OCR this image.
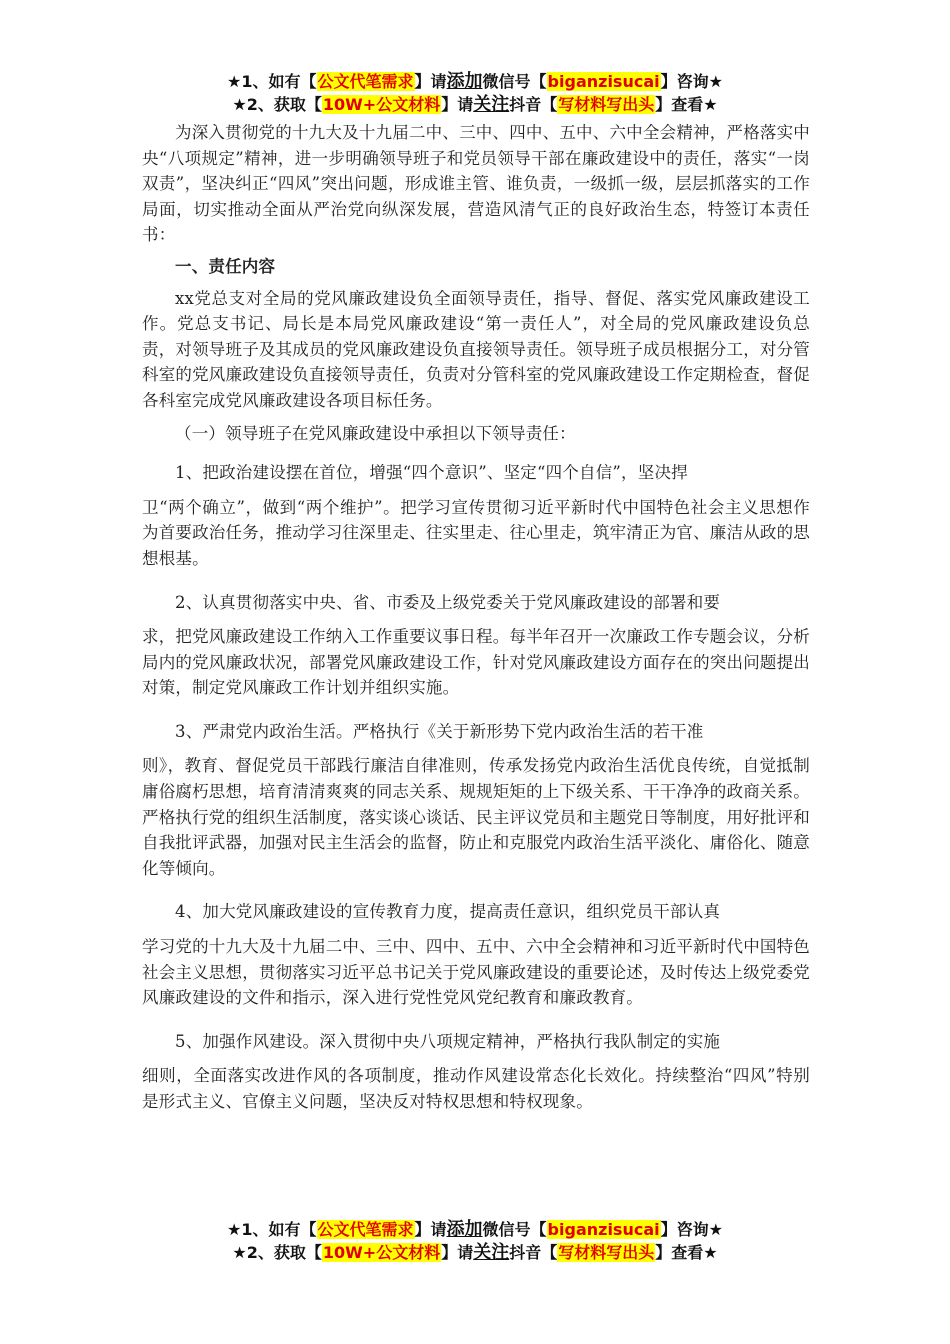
★1、如有【公文代笔需求】请添加微信号【biganzisucai】咨询★
★2、获取【10W+公文材料】请关注抖音【写材料写出头】查看★

为深入贯彻党的十九大及十九届二中、三中、四中、五中、六中全会精神，严格落实中央“八项规定”精神，进一步明确领导班子和党员领导干部在廉政建设中的责任，落实“一岗双责”，坚决纠正“四风”突出问题，形成谁主管、谁负责，一级抓一级，层层抓落实的工作局面，切实推动全面从严治党向纵深发展，营造风清气正的良好政治生态，特签订本责任书：

一、责任内容

xx党总支对全局的党风廉政建设负全面领导责任，指导、督促、落实党风廉政建设工作。党总支书记、局长是本局党风廉政建设“第一责任人”，对全局的党风廉政建设负总责，对领导班子及其成员的党风廉政建设负直接领导责任。领导班子成员根据分工，对分管科室的党风廉政建设负直接领导责任，负责对分管科室的党风廉政建设工作定期检查，督促各科室完成党风廉政建设各项目标任务。

（一）领导班子在党风廉政建设中承担以下领导责任：

1、把政治建设摆在首位，增强“四个意识”、坚定“四个自信”，坚决捍
卫“两个确立”，做到“两个维护”。把学习宣传贯彻习近平新时代中国特色社会主义思想作为首要政治任务，推动学习往深里走、往实里走、往心里走，筑牢清正为官、廉洁从政的思想根基。

2、认真贯彻落实中央、省、市委及上级党委关于党风廉政建设的部署和要
求，把党风廉政建设工作纳入工作重要议事日程。每半年召开一次廉政工作专题会议，分析局内的党风廉政状况，部署党风廉政建设工作，针对党风廉政建设方面存在的突出问题提出对策，制定党风廉政工作计划并组织实施。

3、严肃党内政治生活。严格执行《关于新形势下党内政治生活的若干准
则》，教育、督促党员干部践行廉洁自律准则，传承发扬党内政治生活优良传统，自觉抵制庸俗腐朽思想，培育清清爽爽的同志关系、规规矩矩的上下级关系、干干净净的政商关系。严格执行党的组织生活制度，落实谈心谈话、民主评议党员和主题党日等制度，用好批评和自我批评武器，加强对民主生活会的监督，防止和克服党内政治生活平淡化、庸俗化、随意化等倾向。

4、加大党风廉政建设的宣传教育力度，提高责任意识，组织党员干部认真
学习党的十九大及十九届二中、三中、四中、五中、六中全会精神和习近平新时代中国特色社会主义思想，贯彻落实习近平总书记关于党风廉政建设的重要论述，及时传达上级党委党风廉政建设的文件和指示，深入进行党性党风党纪教育和廉政教育。

5、加强作风建设。深入贯彻中央八项规定精神，严格执行我队制定的实施
细则，全面落实改进作风的各项制度，推动作风建设常态化长效化。持续整治“四风”特别是形式主义、官僚主义问题，坚决反对特权思想和特权现象。

★1、如有【公文代笔需求】请添加微信号【biganzisucai】咨询★
★2、获取【10W+公文材料】请关注抖音【写材料写出头】查看★
